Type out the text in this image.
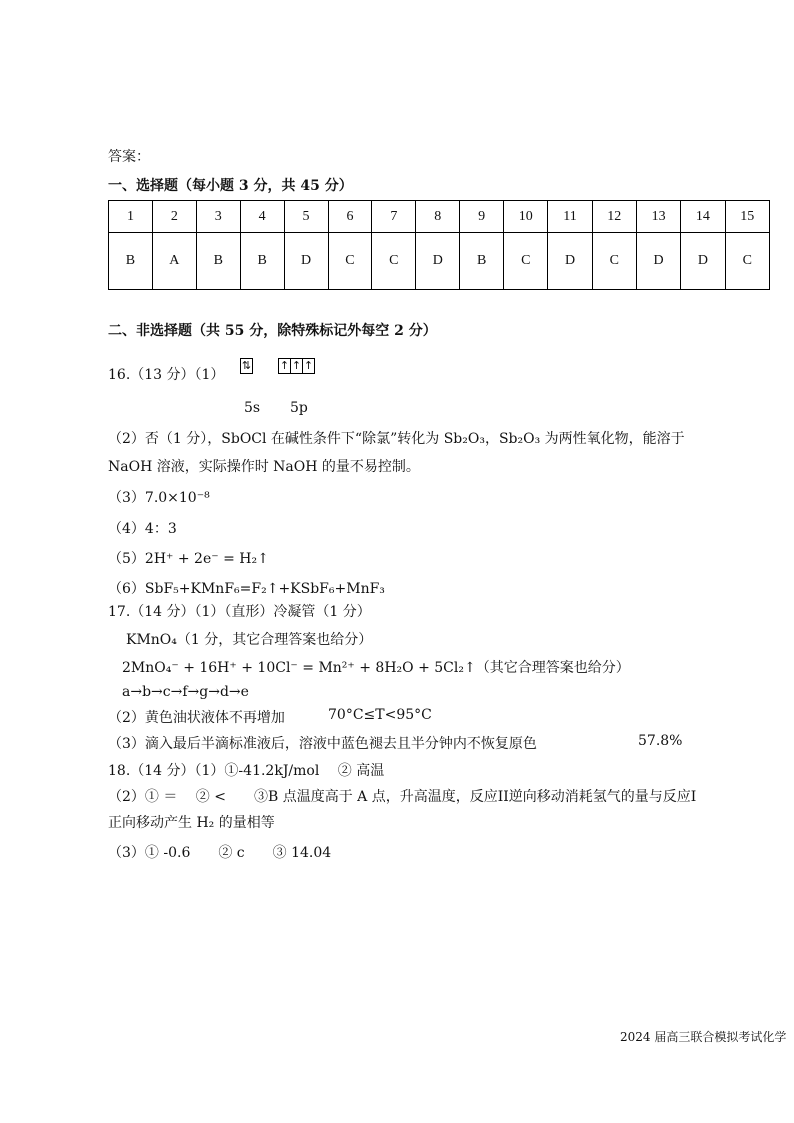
答案：
一、选择题（每小题 3 分，共 45 分）
1	2	3	4	5	6	7	8	9	10	11	12	13	14	15
B	A	B	B	D	C	C	D	B	C	D	C	D	D	C
二、非选择题（共 55 分，除特殊标记外每空 2 分）
16.（13 分）（1）
⇅	↑ ↑ ↑
5s 5p
（2）否（1 分），SbOCl 在碱性条件下“除氯”转化为 Sb₂O₃，Sb₂O₃ 为两性氧化物，能溶于
NaOH 溶液，实际操作时 NaOH 的量不易控制。
（3）7.0×10⁻⁸
（4）4：3
（5）2H⁺ + 2e⁻ = H₂↑
（6）SbF₅+KMnF₆=F₂↑+KSbF₆+MnF₃
17.（14 分）（1）（直形）冷凝管（1 分）
KMnO₄（1 分，其它合理答案也给分）
2MnO₄⁻ + 16H⁺ + 10Cl⁻ = Mn²⁺ + 8H₂O + 5Cl₂↑（其它合理答案也给分）
a→b→c→f→g→d→e
（2）黄色油状液体不再增加	70°C≤T<95°C
（3）滴入最后半滴标准液后，溶液中蓝色褪去且半分钟内不恢复原色	57.8%
18.（14 分）（1）①-41.2kJ/mol　 ② 高温
（2）① ＝　 ② <　　③B 点温度高于 A 点，升高温度，反应II逆向移动消耗氢气的量与反应I
正向移动产生 H₂ 的量相等
（3）① -0.6　　② c　　③ 14.04
2024 届高三联合模拟考试化学
